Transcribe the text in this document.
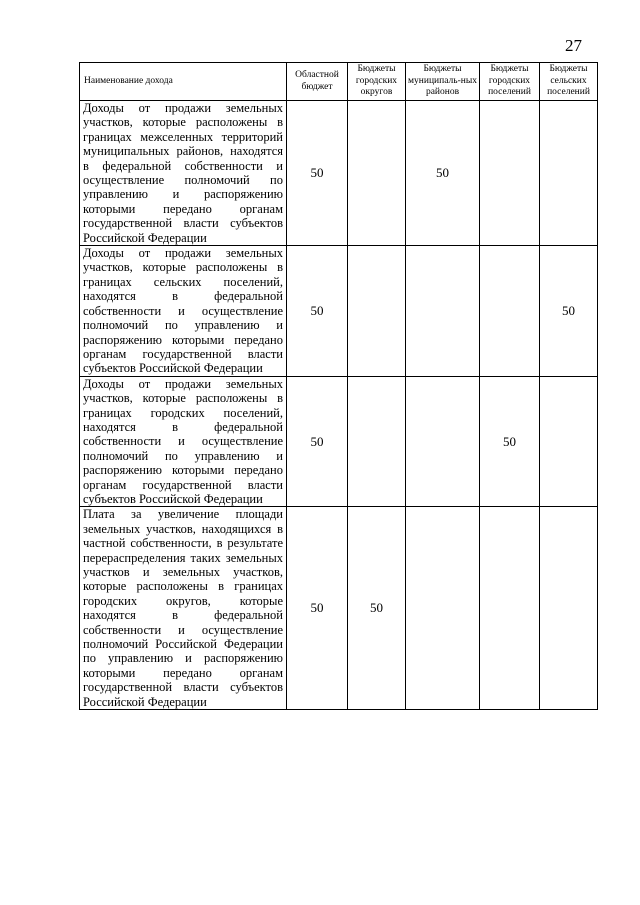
27
Наименование дохода	Областной бюджет	Бюджеты городских округов	Бюджеты муниципаль-ных районов	Бюджеты городских поселений	Бюджеты сельских поселений
Доходы от продажи земельных участков, которые расположены в границах межселенных территорий муниципальных районов, находятся в федеральной собственности и осуществление полномочий по управлению и распоряжению которыми передано органам государственной власти субъектов Российской Федерации	50		50		
Доходы от продажи земельных участков, которые расположены в границах сельских поселений, находятся в федеральной собственности и осуществление полномочий по управлению и распоряжению которыми передано органам государственной власти субъектов Российской Федерации	50				50
Доходы от продажи земельных участков, которые расположены в границах городских поселений, находятся в федеральной собственности и осуществление полномочий по управлению и распоряжению которыми передано органам государственной власти субъектов Российской Федерации	50			50	
Плата за увеличение площади земельных участков, находящихся в частной собственности, в результате перераспределения таких земельных участков и земельных участков, которые расположены в границах городских округов, которые находятся в федеральной собственности и осуществление полномочий Российской Федерации по управлению и распоряжению которыми передано органам государственной власти субъектов Российской Федерации	50	50			
